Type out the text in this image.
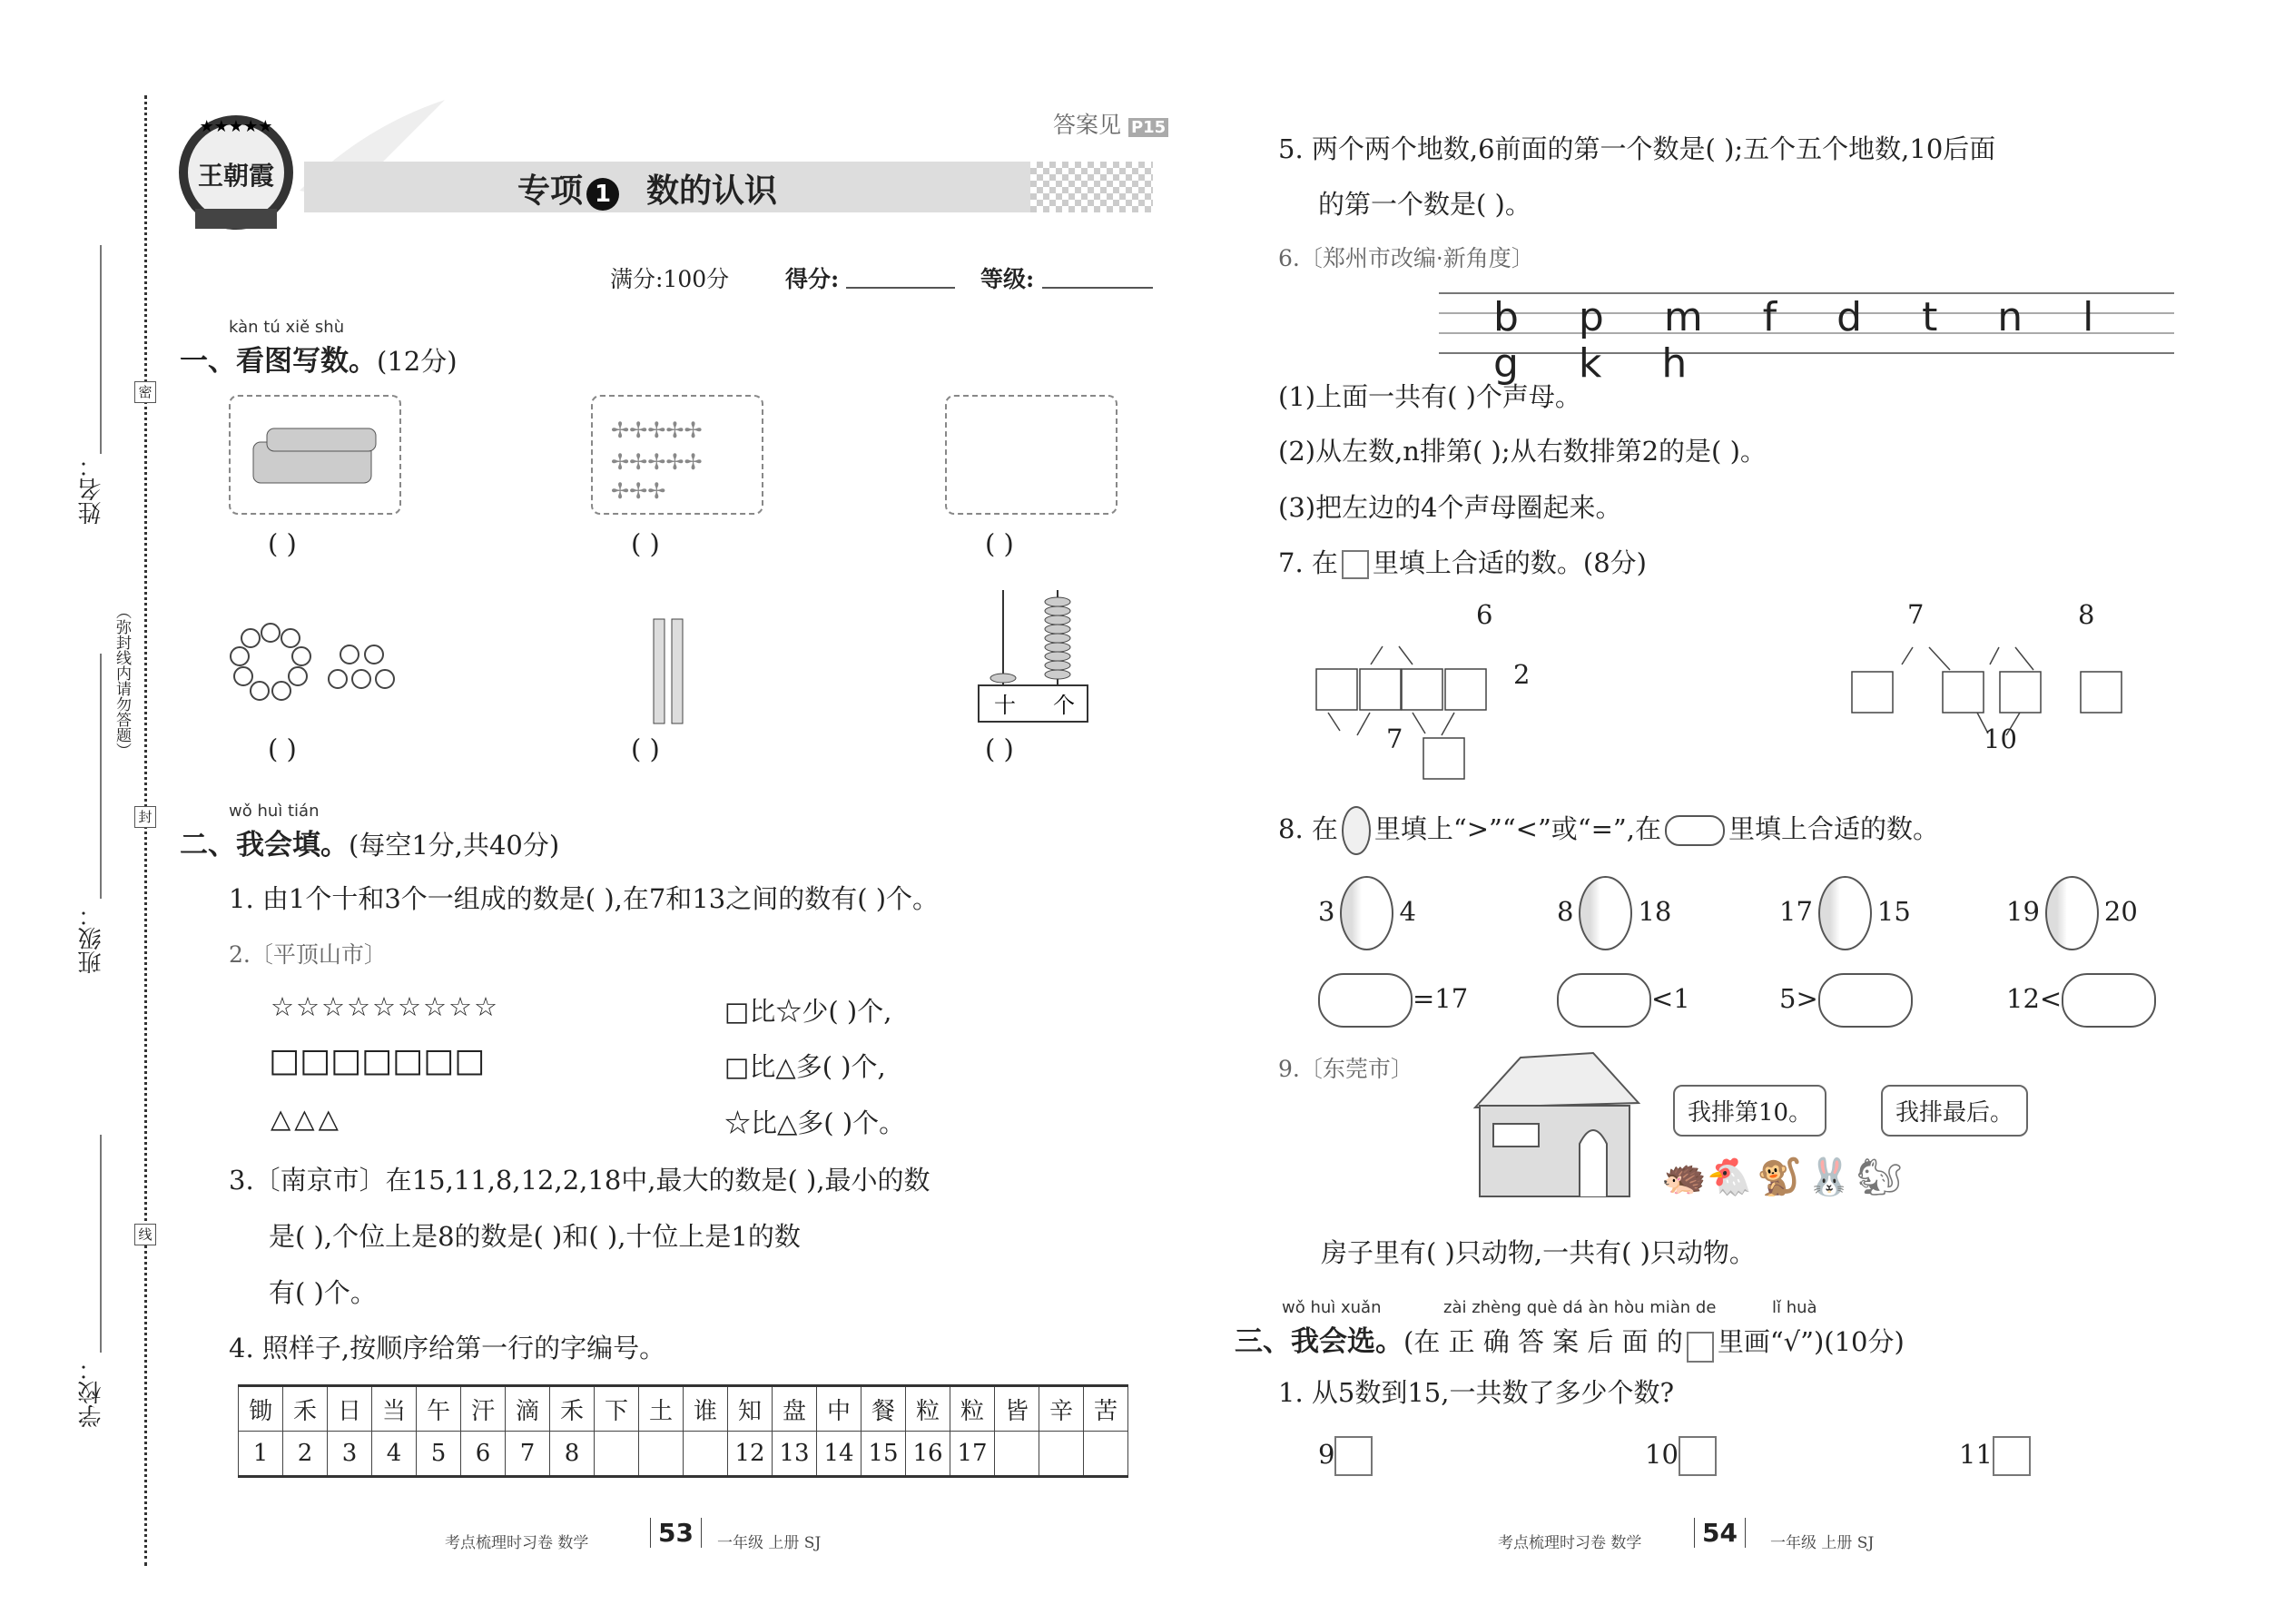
姓名：
班级：
学校：
（弥封线内请勿答题）
密
封
线
★★★★★
王朝霞
答案见 P15
专项 1 数的认识
满分:100分 得分:	等级:
kàn tú xiě shù
一、看图写数。(12分)
✢✢✢✢✢
✢✢✢✢✢
✢✢✢
( )	( )	( )
十 个
( )	( )	( )
wǒ huì tián
二、我会填。(每空1分,共40分)
1. 由1个十和3个一组成的数是( ),在7和13之间的数有( )个。
2.〔平顶山市〕
☆☆☆☆☆☆☆☆☆	□比☆少( )个,
□□□□□□□	□比△多( )个,
△△△	☆比△多( )个。
3.〔南京市〕在15,11,8,12,2,18中,最大的数是( ),最小的数
是( ),个位上是8的数是( )和( ),十位上是1的数
有( )个。
4. 照样子,按顺序给第一行的字编号。
锄	禾	日	当	午	汗	滴	禾	下	土	谁	知	盘	中	餐	粒	粒	皆	辛	苦
1	2	3	4	5	6	7	8				12	13	14	15	16	17			
考点梳理时习卷 数学	53	一年级 上册 SJ
5. 两个两个地数,6前面的第一个数是( );五个五个地数,10后面
的第一个数是( )。
6.〔郑州市改编·新角度〕
b p m f d t n l g k h
(1)上面一共有( )个声母。
(2)从左数,n排第( );从右数排第2的是( )。
(3)把左边的4个声母圈起来。
7. 在 里填上合适的数。(8分)
6
2
7
7	8
10
8. 在 里填上“>”“<”或“=”,在	里填上合适的数。
3 4	8 18	17 15	19 20
=17	<1	5>	12<
9.〔东莞市〕
🦔 🐔 🐒 🐰 🐿
我排第10。	我排最后。
房子里有( )只动物,一共有( )只动物。
wǒ huì xuǎn	zài zhèng què dá àn hòu miàn de	lǐ huà
三、我会选。(在 正 确 答 案 后 面 的 里画“√”)(10分)
1. 从5数到15,一共数了多少个数?
9	10	11
考点梳理时习卷 数学	54	一年级 上册 SJ
